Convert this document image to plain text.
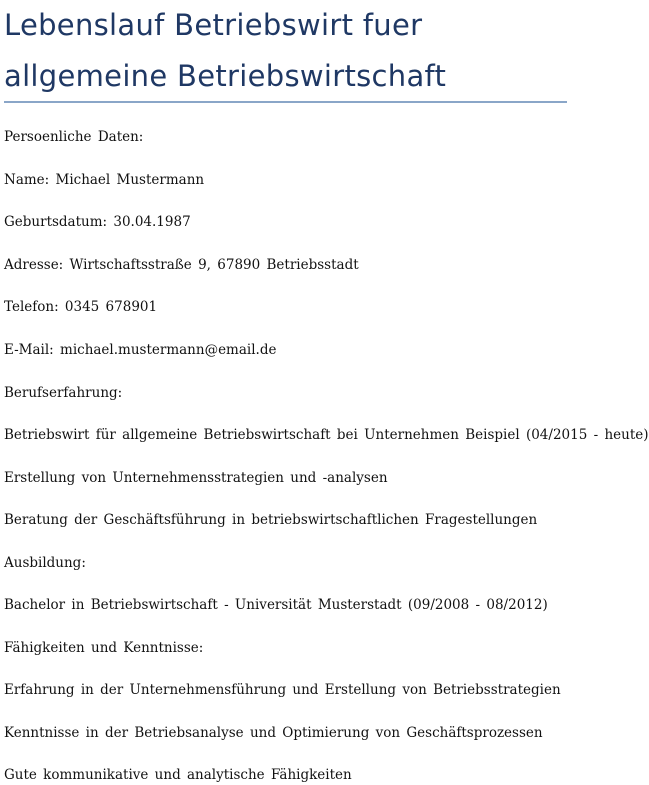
Lebenslauf Betriebswirt fuer allgemeine Betriebswirtschaft

Persoenliche Daten:

Name: Michael Mustermann

Geburtsdatum: 30.04.1987

Adresse: Wirtschaftsstraße 9, 67890 Betriebsstadt

Telefon: 0345 678901

E-Mail: michael.mustermann@email.de

Berufserfahrung:

Betriebswirt für allgemeine Betriebswirtschaft bei Unternehmen Beispiel (04/2015 - heute)

Erstellung von Unternehmensstrategien und -analysen

Beratung der Geschäftsführung in betriebswirtschaftlichen Fragestellungen

Ausbildung:

Bachelor in Betriebswirtschaft - Universität Musterstadt (09/2008 - 08/2012)

Fähigkeiten und Kenntnisse:

Erfahrung in der Unternehmensführung und Erstellung von Betriebsstrategien

Kenntnisse in der Betriebsanalyse und Optimierung von Geschäftsprozessen

Gute kommunikative und analytische Fähigkeiten
